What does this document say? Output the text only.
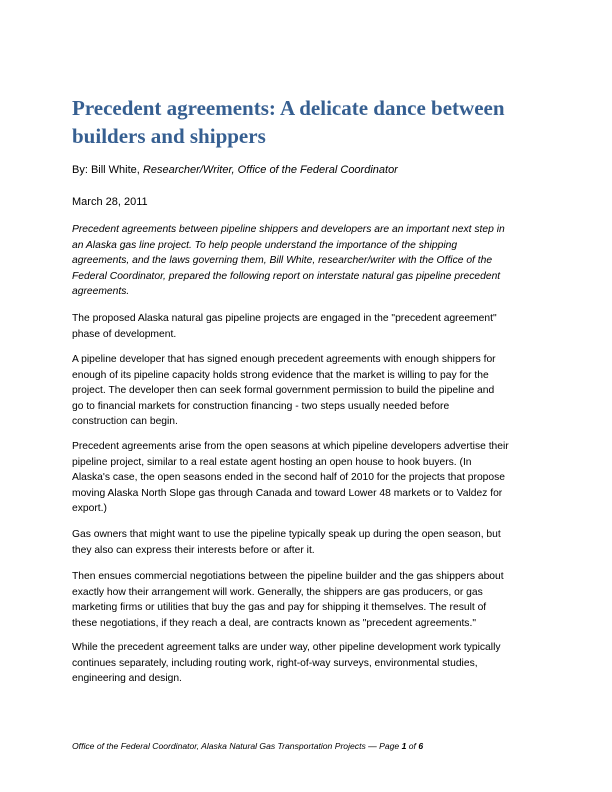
Precedent agreements: A delicate dance between
builders and shippers

By: Bill White, Researcher/Writer, Office of the Federal Coordinator

March 28, 2011

Precedent agreements between pipeline shippers and developers are an important next step in
an Alaska gas line project. To help people understand the importance of the shipping
agreements, and the laws governing them, Bill White, researcher/writer with the Office of the
Federal Coordinator, prepared the following report on interstate natural gas pipeline precedent
agreements.
The proposed Alaska natural gas pipeline projects are engaged in the "precedent agreement"
phase of development.
A pipeline developer that has signed enough precedent agreements with enough shippers for
enough of its pipeline capacity holds strong evidence that the market is willing to pay for the
project. The developer then can seek formal government permission to build the pipeline and
go to financial markets for construction financing - two steps usually needed before
construction can begin.
Precedent agreements arise from the open seasons at which pipeline developers advertise their
pipeline project, similar to a real estate agent hosting an open house to hook buyers. (In
Alaska's case, the open seasons ended in the second half of 2010 for the projects that propose
moving Alaska North Slope gas through Canada and toward Lower 48 markets or to Valdez for
export.)
Gas owners that might want to use the pipeline typically speak up during the open season, but
they also can express their interests before or after it.
Then ensues commercial negotiations between the pipeline builder and the gas shippers about
exactly how their arrangement will work. Generally, the shippers are gas producers, or gas
marketing firms or utilities that buy the gas and pay for shipping it themselves. The result of
these negotiations, if they reach a deal, are contracts known as "precedent agreements."
While the precedent agreement talks are under way, other pipeline development work typically
continues separately, including routing work, right-of-way surveys, environmental studies,
engineering and design.

Office of the Federal Coordinator, Alaska Natural Gas Transportation Projects — Page 1 of 6
